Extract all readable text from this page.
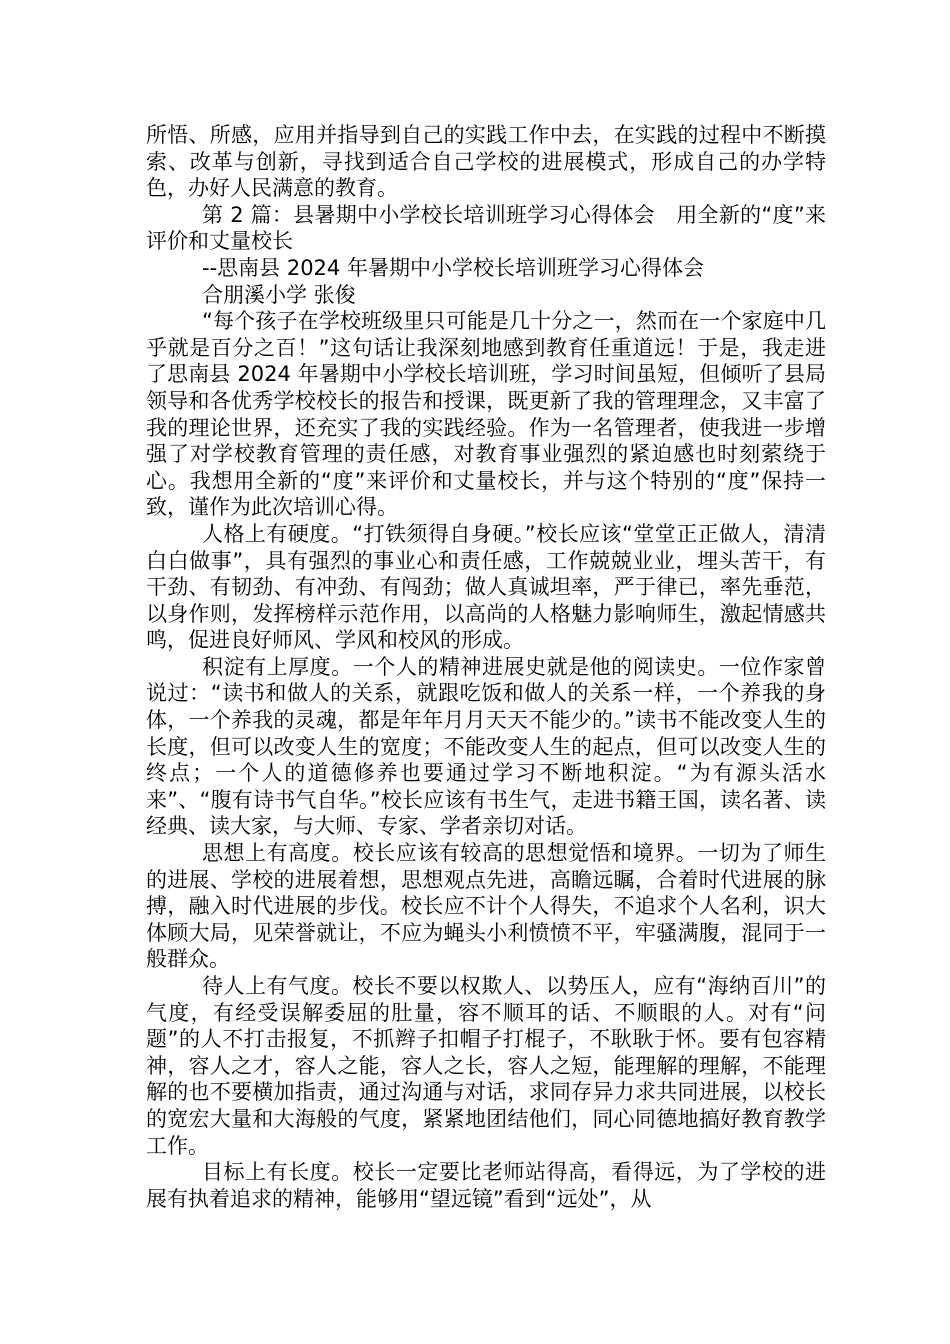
所悟、所感，应用并指导到自己的实践工作中去，在实践的过程中不断摸索、改革与创新，寻找到适合自己学校的进展模式，形成自己的办学特色，办好人民满意的教育。

第 2 篇：县暑期中小学校长培训班学习心得体会　用全新的“度”来评价和丈量校长

--思南县 2024 年暑期中小学校长培训班学习心得体会

合朋溪小学 张俊

“每个孩子在学校班级里只可能是几十分之一，然而在一个家庭中几乎就是百分之百！”这句话让我深刻地感到教育任重道远！于是，我走进了思南县 2024 年暑期中小学校长培训班，学习时间虽短，但倾听了县局领导和各优秀学校校长的报告和授课，既更新了我的管理理念，又丰富了我的理论世界，还充实了我的实践经验。作为一名管理者，使我进一步增强了对学校教育管理的责任感，对教育事业强烈的紧迫感也时刻萦绕于心。我想用全新的“度”来评价和丈量校长，并与这个特别的“度”保持一致，谨作为此次培训心得。

人格上有硬度。“打铁须得自身硬。”校长应该“堂堂正正做人，清清白白做事”，具有强烈的事业心和责任感，工作兢兢业业，埋头苦干，有干劲、有韧劲、有冲劲、有闯劲；做人真诚坦率，严于律已，率先垂范，以身作则，发挥榜样示范作用，以高尚的人格魅力影响师生，激起情感共鸣，促进良好师风、学风和校风的形成。

积淀有上厚度。一个人的精神进展史就是他的阅读史。一位作家曾说过：“读书和做人的关系，就跟吃饭和做人的关系一样，一个养我的身体，一个养我的灵魂，都是年年月月天天不能少的。”读书不能改变人生的长度，但可以改变人生的宽度；不能改变人生的起点，但可以改变人生的终点；一个人的道德修养也要通过学习不断地积淀。“为有源头活水来”、“腹有诗书气自华。”校长应该有书生气，走进书籍王国，读名著、读经典、读大家，与大师、专家、学者亲切对话。

思想上有高度。校长应该有较高的思想觉悟和境界。一切为了师生的进展、学校的进展着想，思想观点先进，高瞻远瞩，合着时代进展的脉搏，融入时代进展的步伐。校长应不计个人得失，不追求个人名利，识大体顾大局，见荣誉就让，不应为蝇头小利愤愤不平，牢骚满腹，混同于一般群众。

待人上有气度。校长不要以权欺人、以势压人，应有“海纳百川”的气度，有经受误解委屈的肚量，容不顺耳的话、不顺眼的人。对有“问题”的人不打击报复，不抓辫子扣帽子打棍子，不耿耿于怀。要有包容精神，容人之才，容人之能，容人之长，容人之短，能理解的理解，不能理解的也不要横加指责，通过沟通与对话，求同存异力求共同进展，以校长的宽宏大量和大海般的气度，紧紧地团结他们，同心同德地搞好教育教学工作。

目标上有长度。校长一定要比老师站得高，看得远，为了学校的进展有执着追求的精神，能够用“望远镜”看到“远处”，从
